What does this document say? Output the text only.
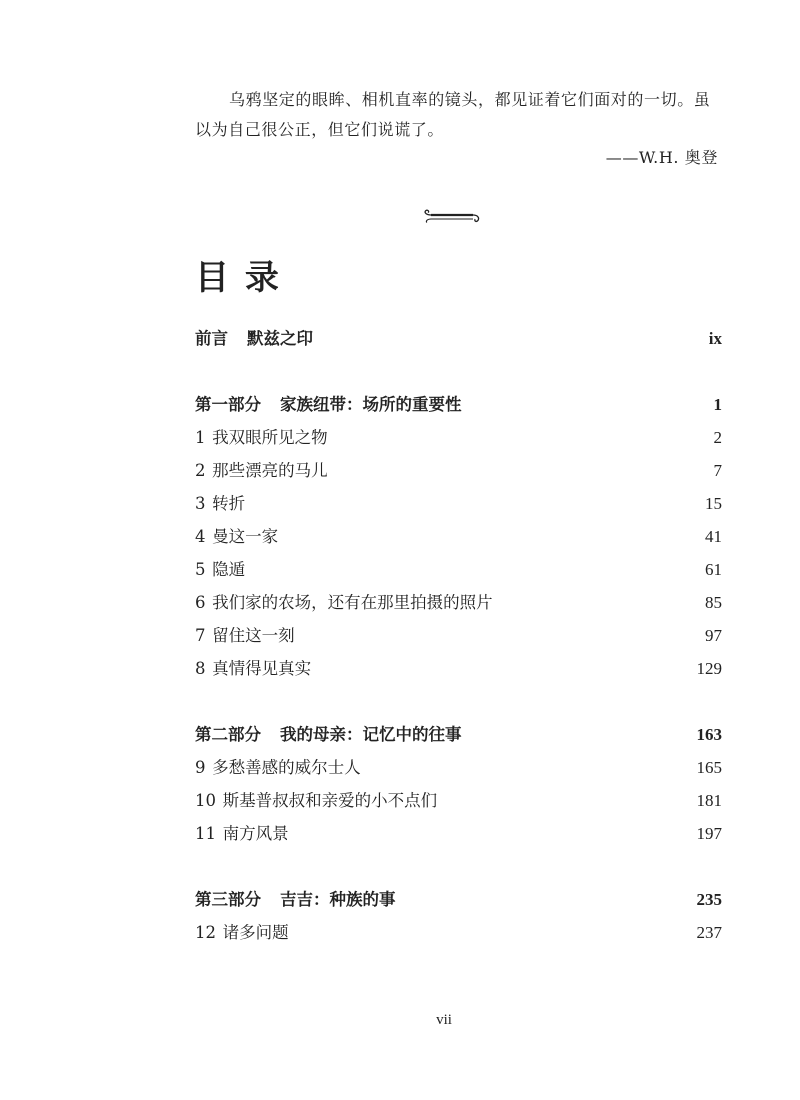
乌鸦坚定的眼眸、相机直率的镜头，都见证着它们面对的一切。虽
以为自己很公正，但它们说谎了。
——W.H. 奥登
目 录
前言 默兹之印	ix
第一部分 家族纽带：场所的重要性	1
1 我双眼所见之物	2
2 那些漂亮的马儿	7
3 转折	15
4 曼这一家	41
5 隐遁	61
6 我们家的农场，还有在那里拍摄的照片	85
7 留住这一刻	97
8 真情得见真实	129
第二部分 我的母亲：记忆中的往事	163
9 多愁善感的威尔士人	165
10 斯基普叔叔和亲爱的小不点们	181
11 南方风景	197
第三部分 吉吉：种族的事	235
12 诸多问题	237
vii
